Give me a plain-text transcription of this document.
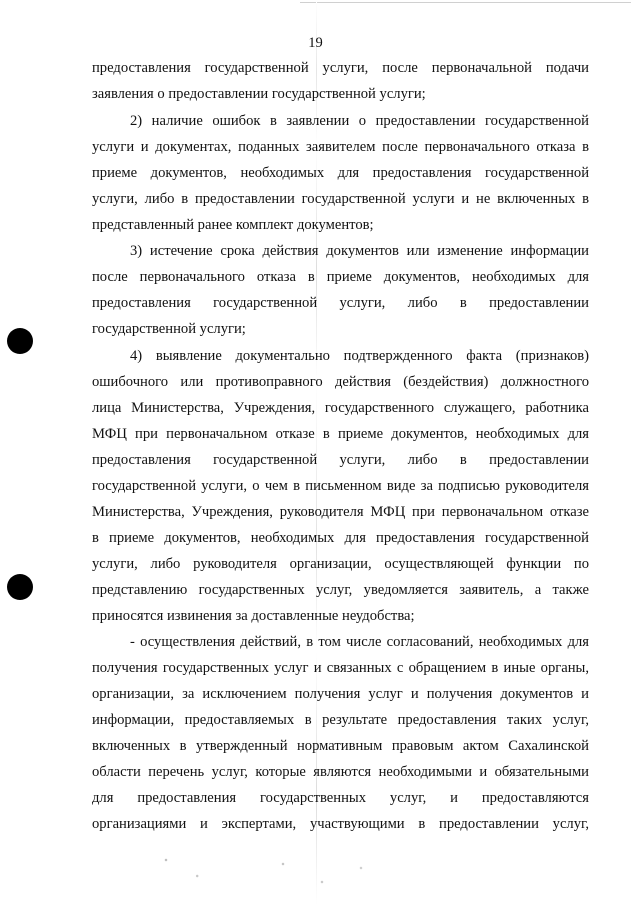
19
предоставления государственной услуги, после первоначальной подачи
заявления о предоставлении государственной услуги;
2) наличие ошибок в заявлении о предоставлении государственной
услуги и документах, поданных заявителем после первоначального отказа в
приеме документов, необходимых для предоставления государственной
услуги, либо в предоставлении государственной услуги и не включенных в
представленный ранее комплект документов;
3) истечение срока действия документов или изменение информации
после первоначального отказа в приеме документов, необходимых для
предоставления государственной услуги, либо в предоставлении
государственной услуги;
4) выявление документально подтвержденного факта (признаков)
ошибочного или противоправного действия (бездействия) должностного
лица Министерства, Учреждения, государственного служащего, работника
МФЦ при первоначальном отказе в приеме документов, необходимых для
предоставления государственной услуги, либо в предоставлении
государственной услуги, о чем в письменном виде за подписью руководителя
Министерства, Учреждения, руководителя МФЦ при первоначальном отказе
в приеме документов, необходимых для предоставления государственной
услуги, либо руководителя организации, осуществляющей функции по
представлению государственных услуг, уведомляется заявитель, а также
приносятся извинения за доставленные неудобства;
- осуществления действий, в том числе согласований, необходимых для
получения государственных услуг и связанных с обращением в иные органы,
организации, за исключением получения услуг и получения документов и
информации, предоставляемых в результате предоставления таких услуг,
включенных в утвержденный нормативным правовым актом Сахалинской
области перечень услуг, которые являются необходимыми и обязательными
для предоставления государственных услуг, и предоставляются
организациями и экспертами, участвующими в предоставлении услуг,
